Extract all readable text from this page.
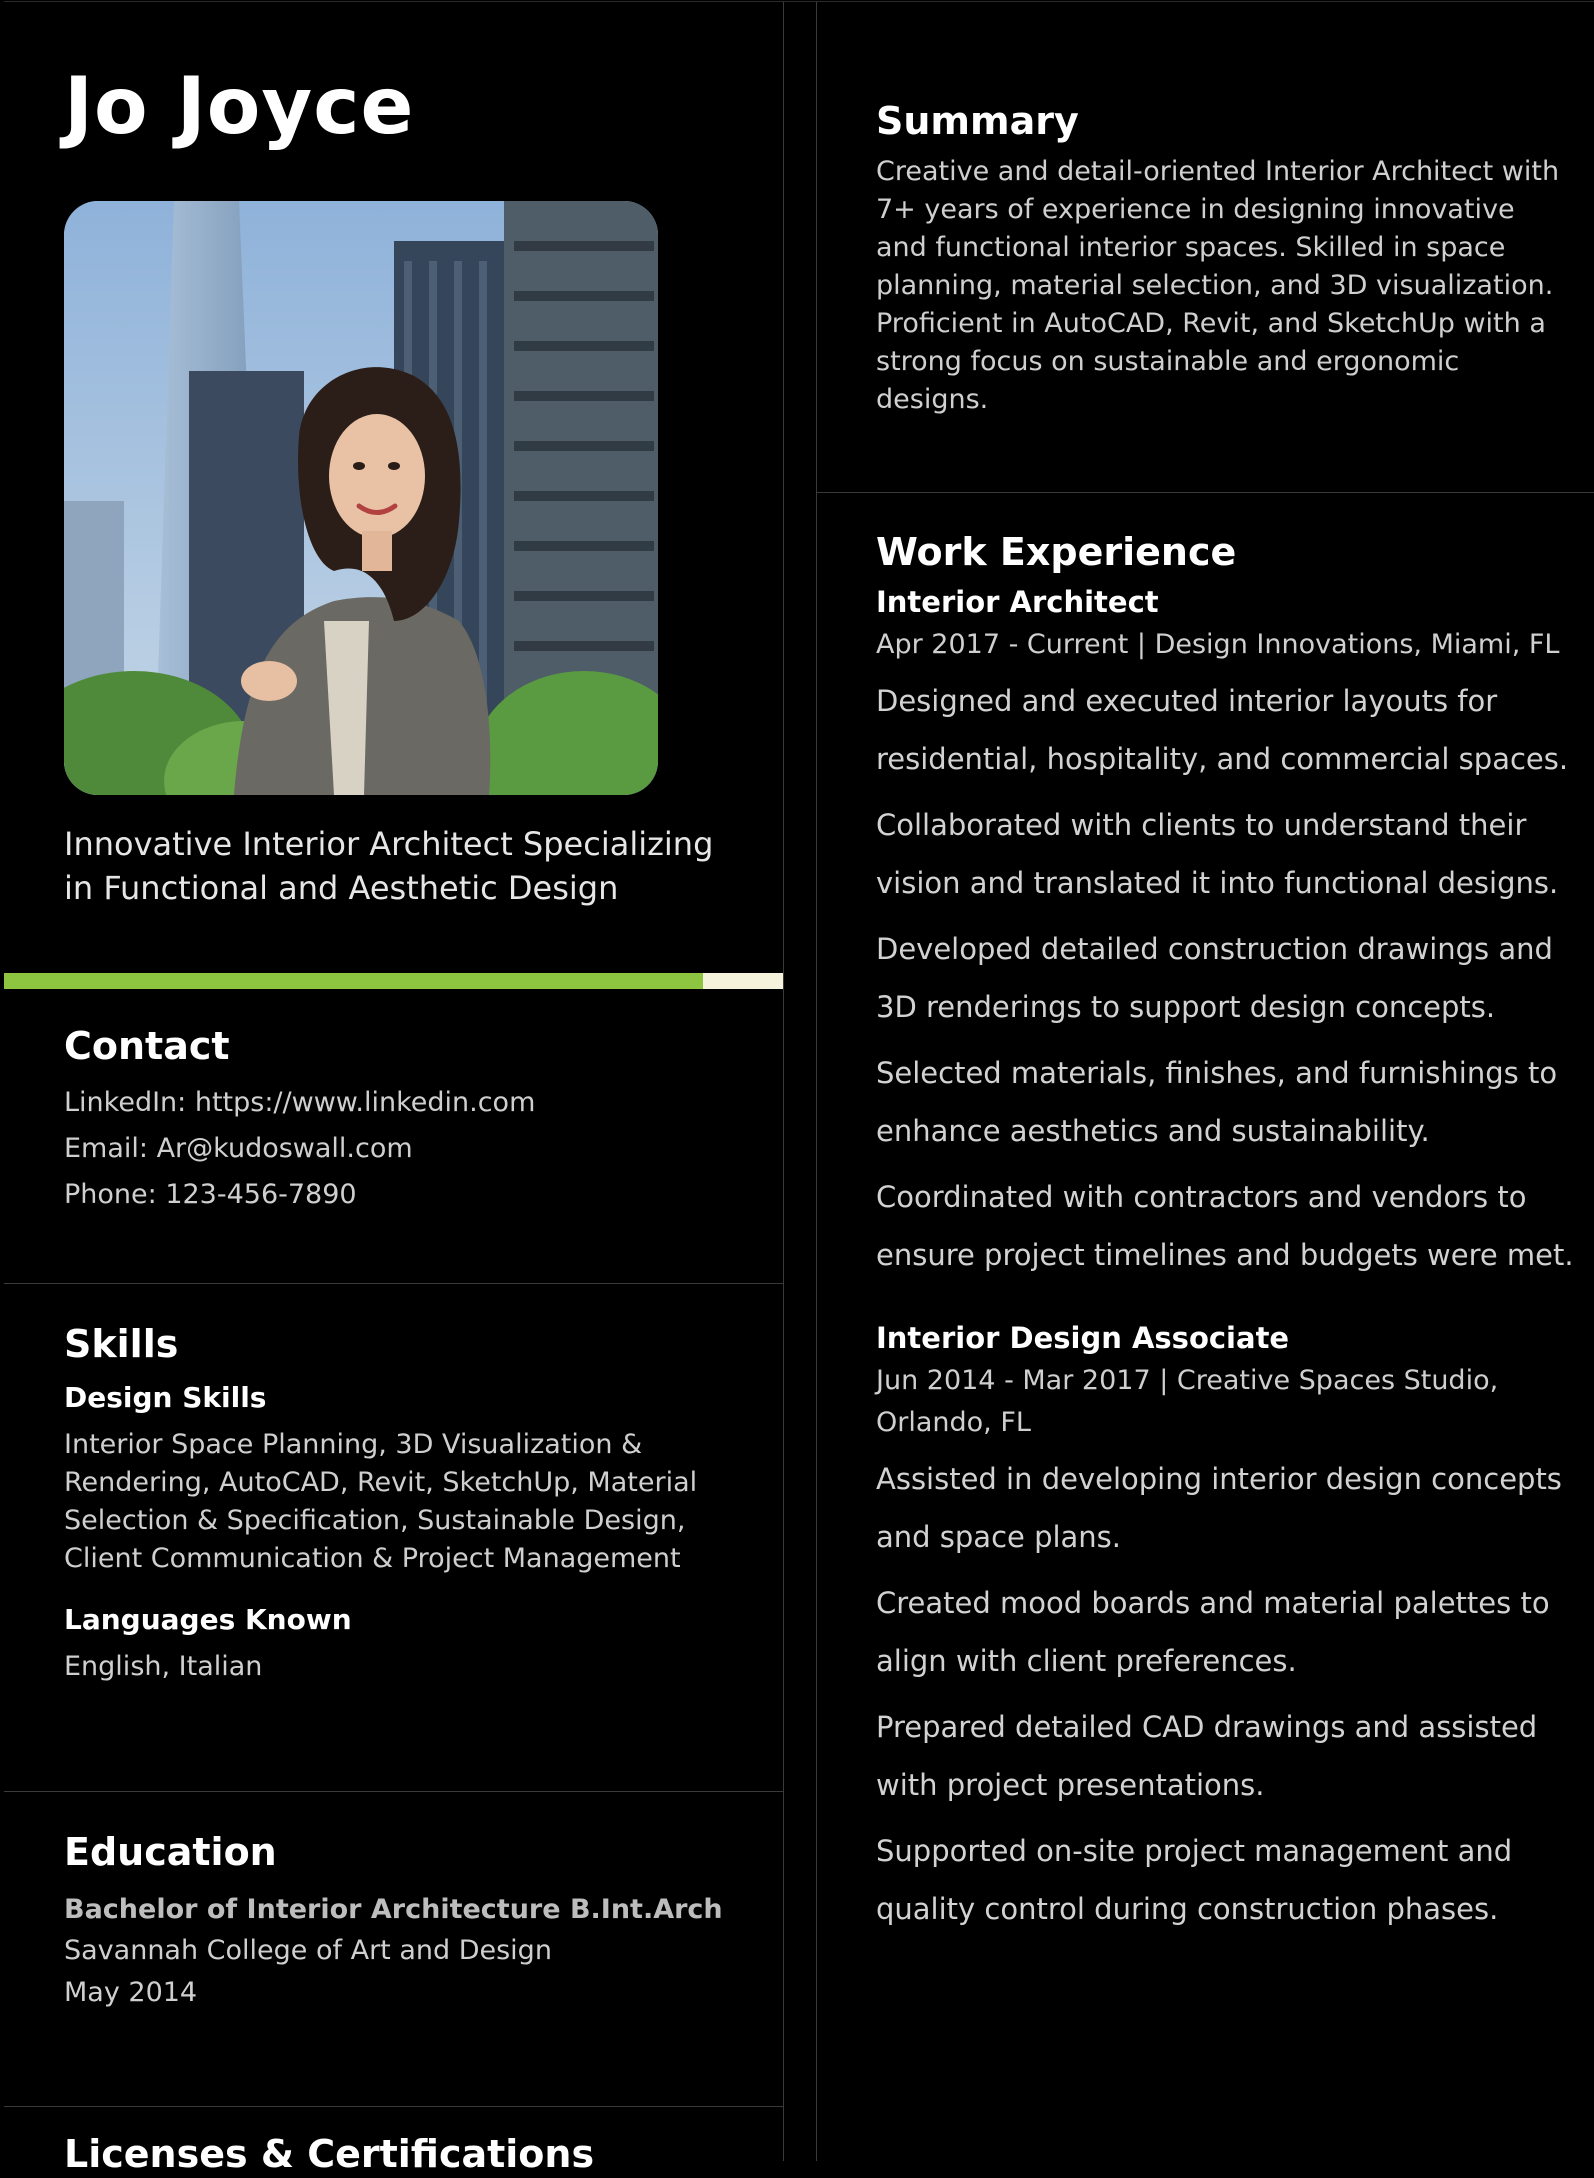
Jo Joyce

Innovative Interior Architect Specializing in Functional and Aesthetic Design

Contact

LinkedIn: https://www.linkedin.com

Email: Ar@kudoswall.com

Phone: 123-456-7890

Skills
Design Skills

Interior Space Planning, 3D Visualization & Rendering, AutoCAD, Revit, SketchUp, Material Selection & Specification, Sustainable Design, Client Communication & Project Management

Languages Known

English, Italian

Education

Bachelor of Interior Architecture B.Int.Arch

Savannah College of Art and Design

May 2014

Licenses & Certifications
Summary

Creative and detail-oriented Interior Architect with 7+ years of experience in designing innovative and functional interior spaces. Skilled in space planning, material selection, and 3D visualization. Proficient in AutoCAD, Revit, and SketchUp with a strong focus on sustainable and ergonomic designs.

Work Experience
Interior Architect

Apr 2017 - Current | Design Innovations, Miami, FL

Designed and executed interior layouts for residential, hospitality, and commercial spaces.

Collaborated with clients to understand their vision and translated it into functional designs.

Developed detailed construction drawings and 3D renderings to support design concepts.

Selected materials, finishes, and furnishings to enhance aesthetics and sustainability.

Coordinated with contractors and vendors to ensure project timelines and budgets were met.

Interior Design Associate

Jun 2014 - Mar 2017 | Creative Spaces Studio, Orlando, FL

Assisted in developing interior design concepts and space plans.

Created mood boards and material palettes to align with client preferences.

Prepared detailed CAD drawings and assisted with project presentations.

Supported on-site project management and quality control during construction phases.
